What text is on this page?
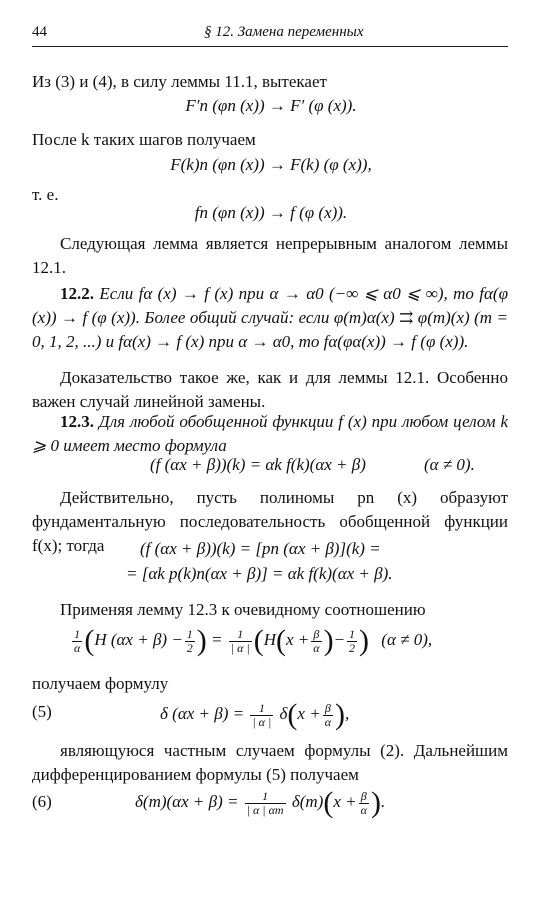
44	§ 12. Замена переменных
Из (3) и (4), в силу леммы 11.1, вытекает
F′n (φn (x)) → F′ (φ (x)).
После k таких шагов получаем
F(k)n (φn (x)) → F(k) (φ (x)),
т. е.
fn (φn (x)) → f (φ (x)).
Следующая лемма является непрерывным аналогом леммы 12.1.
12.2. Если fα (x) → f (x) при α → α0 (−∞ ⩽ α0 ⩽ ∞), то fα(φ (x)) → f (φ (x)). Более общий случай: если φ(m)α(x) ⇉ φ(m)(x) (m = 0, 1, 2, ...) и fα(x) → f (x) при α → α0, то fα(φα(x)) → f (φ (x)).
Доказательство такое же, как и для леммы 12.1. Особенно важен случай линейной замены.
12.3. Для любой обобщенной функции f (x) при любом целом k ⩾ 0 имеет место формула
(f (αx + β))(k) = αk f(k)(αx + β)	(α ≠ 0).
Действительно, пусть полиномы pn (x) образуют фундаментальную последовательность обобщенной функции f(x); тогда	(f (αx + β))(k) = [pn (αx + β)](k) =
= [αk p(k)n(αx + β)] = αk f(k)(αx + β).
Применяя лемму 12.3 к очевидному соотношению
$\frac{1}{\alpha} (H$ $(\alpha x + \beta) - \frac{1}{2}$ ) = $\frac{1}{| \alpha |} (H(x + \frac{\beta}{\alpha}$ )− $\frac{1}{2}$ ) (α ≠ 0),
получаем формулу
(5)	δ $(\alpha x + \beta) = \frac{1}{| \alpha |} \delta(x + \frac{\beta}{\alpha}$ ),
являющуюся частным случаем формулы (2). Дальнейшим дифференцированием формулы (5) получаем
(6)	$\delta(m)(\alpha x + \beta) = \frac{1}{| \alpha | \alpha m} \delta(m)(x + \frac{\beta}{\alpha}$ ).
